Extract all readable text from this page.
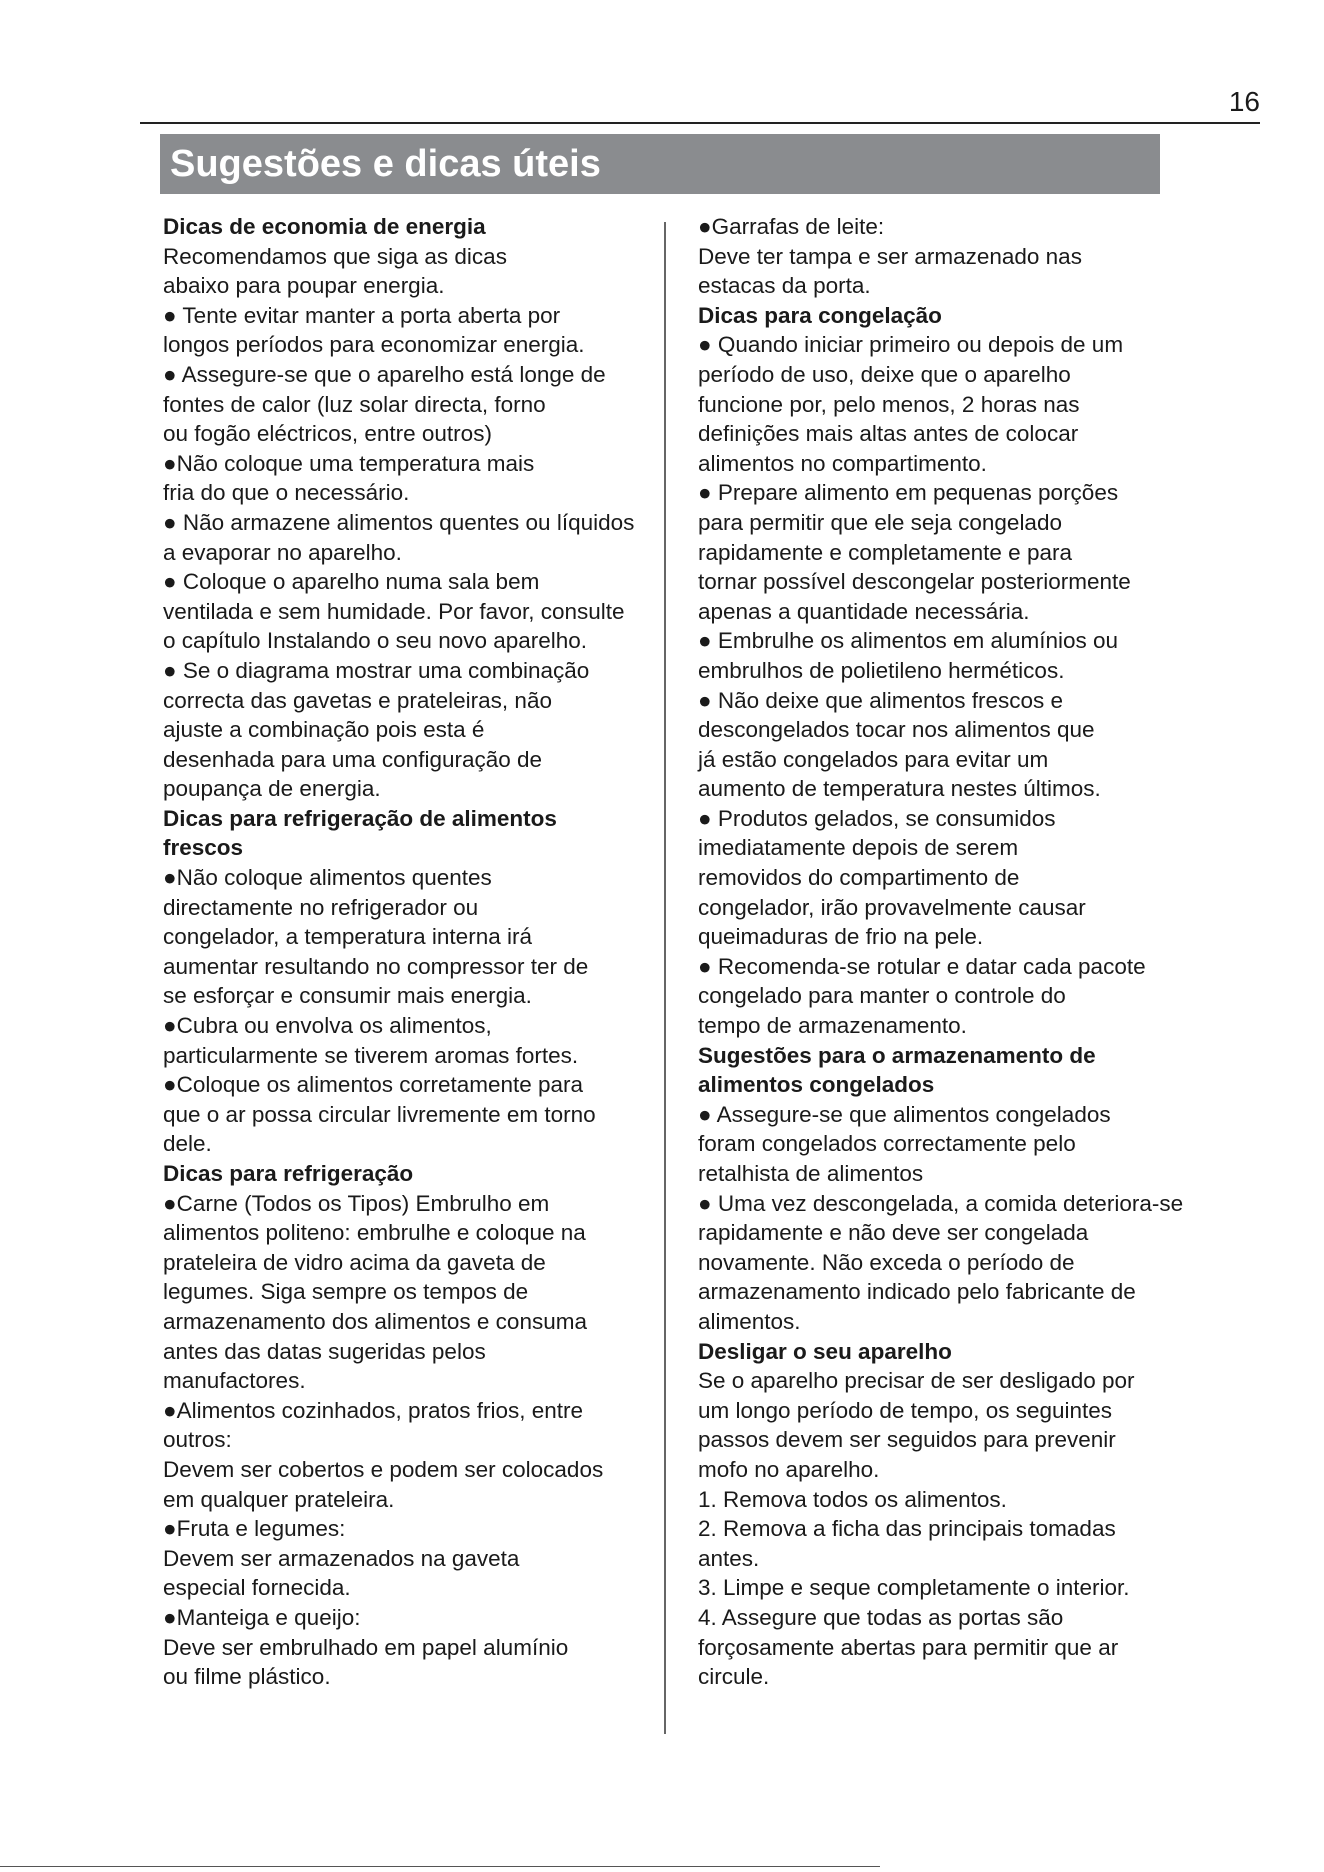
16
Sugestões e dicas úteis

Dicas de economia de energia

Recomendamos que siga as dicas
abaixo para poupar energia.

● Tente evitar manter a porta aberta por
longos períodos para economizar energia.

● Assegure-se que o aparelho está longe de
fontes de calor (luz solar directa, forno
ou fogão eléctricos, entre outros)

●Não coloque uma temperatura mais
fria do que o necessário.

● Não armazene alimentos quentes ou líquidos
a evaporar no aparelho.

● Coloque o aparelho numa sala bem
ventilada e sem humidade. Por favor, consulte
o capítulo Instalando o seu novo aparelho.

● Se o diagrama mostrar uma combinação
correcta das gavetas e prateleiras, não
ajuste a combinação pois esta é
desenhada para uma configuração de
poupança de energia.

Dicas para refrigeração de alimentos
frescos

●Não coloque alimentos quentes
directamente no refrigerador ou
congelador, a temperatura interna irá
aumentar resultando no compressor ter de
se esforçar e consumir mais energia.

●Cubra ou envolva os alimentos,
particularmente se tiverem aromas fortes.

●Coloque os alimentos corretamente para
que o ar possa circular livremente em torno
dele.

Dicas para refrigeração

●Carne (Todos os Tipos) Embrulho em
alimentos politeno: embrulhe e coloque na
prateleira de vidro acima da gaveta de
legumes. Siga sempre os tempos de
armazenamento dos alimentos e consuma
antes das datas sugeridas pelos
manufactores.

●Alimentos cozinhados, pratos frios, entre
outros:
Devem ser cobertos e podem ser colocados
em qualquer prateleira.

●Fruta e legumes:
Devem ser armazenados na gaveta
especial fornecida.

●Manteiga e queijo:
Deve ser embrulhado em papel alumínio
ou filme plástico.

●Garrafas de leite:
Deve ter tampa e ser armazenado nas
estacas da porta.

Dicas para congelação

● Quando iniciar primeiro ou depois de um
período de uso, deixe que o aparelho
funcione por, pelo menos, 2 horas nas
definições mais altas antes de colocar
alimentos no compartimento.

● Prepare alimento em pequenas porções
para permitir que ele seja congelado
rapidamente e completamente e para
tornar possível descongelar posteriormente
apenas a quantidade necessária.

● Embrulhe os alimentos em alumínios ou
embrulhos de polietileno herméticos.

● Não deixe que alimentos frescos e
descongelados tocar nos alimentos que
já estão congelados para evitar um
aumento de temperatura nestes últimos.

● Produtos gelados, se consumidos
imediatamente depois de serem
removidos do compartimento de
congelador, irão provavelmente causar
queimaduras de frio na pele.

● Recomenda-se rotular e datar cada pacote
congelado para manter o controle do
tempo de armazenamento.

Sugestões para o armazenamento de
alimentos congelados

● Assegure-se que alimentos congelados
foram congelados correctamente pelo
retalhista de alimentos

● Uma vez descongelada, a comida deteriora-se
rapidamente e não deve ser congelada
novamente. Não exceda o período de
armazenamento indicado pelo fabricante de
alimentos.

Desligar o seu aparelho

Se o aparelho precisar de ser desligado por
um longo período de tempo, os seguintes
passos devem ser seguidos para prevenir
mofo no aparelho.

1. Remova todos os alimentos.

2. Remova a ficha das principais tomadas
antes.

3. Limpe e seque completamente o interior.

4. Assegure que todas as portas são
forçosamente abertas para permitir que ar
circule.
